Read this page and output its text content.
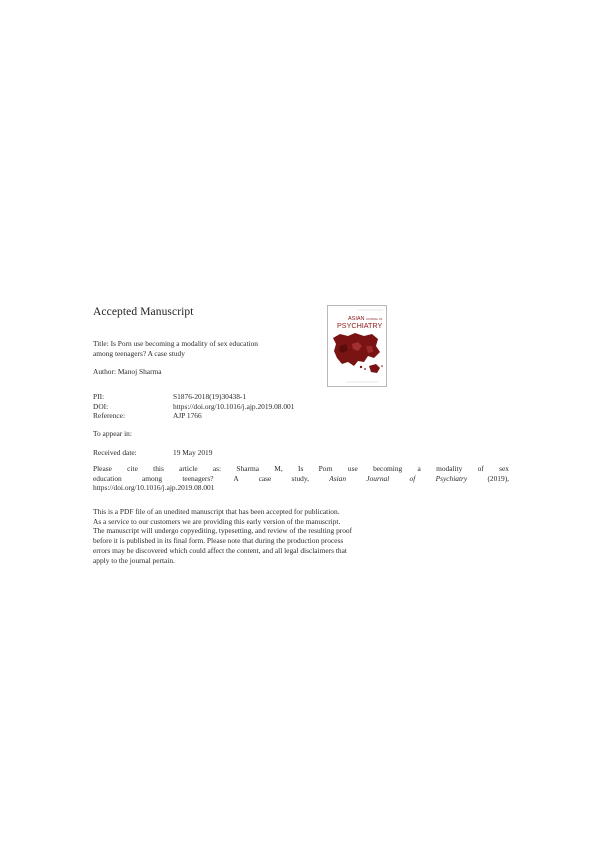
Accepted Manuscript
ASIAN JOURNAL OF
PSYCHIATRY
Title: Is Porn use becoming a modality of sex education
among teenagers? A case study
Author: Manoj Sharma
PII:	S1876-2018(19)30438-1
DOI:	https://doi.org/10.1016/j.ajp.2019.08.001
Reference:	AJP 1766
To appear in:
Received date:	19 May 2019
Please cite this article as: Sharma M, Is Porn use becoming a modality of sex
education among teenagers? A case study,	Asian Journal of Psychiatry (2019),
https://doi.org/10.1016/j.ajp.2019.08.001
This is a PDF file of an unedited manuscript that has been accepted for publication.
As a service to our customers we are providing this early version of the manuscript.
The manuscript will undergo copyediting, typesetting, and review of the resulting proof
before it is published in its final form. Please note that during the production process
errors may be discovered which could affect the content, and all legal disclaimers that
apply to the journal pertain.
